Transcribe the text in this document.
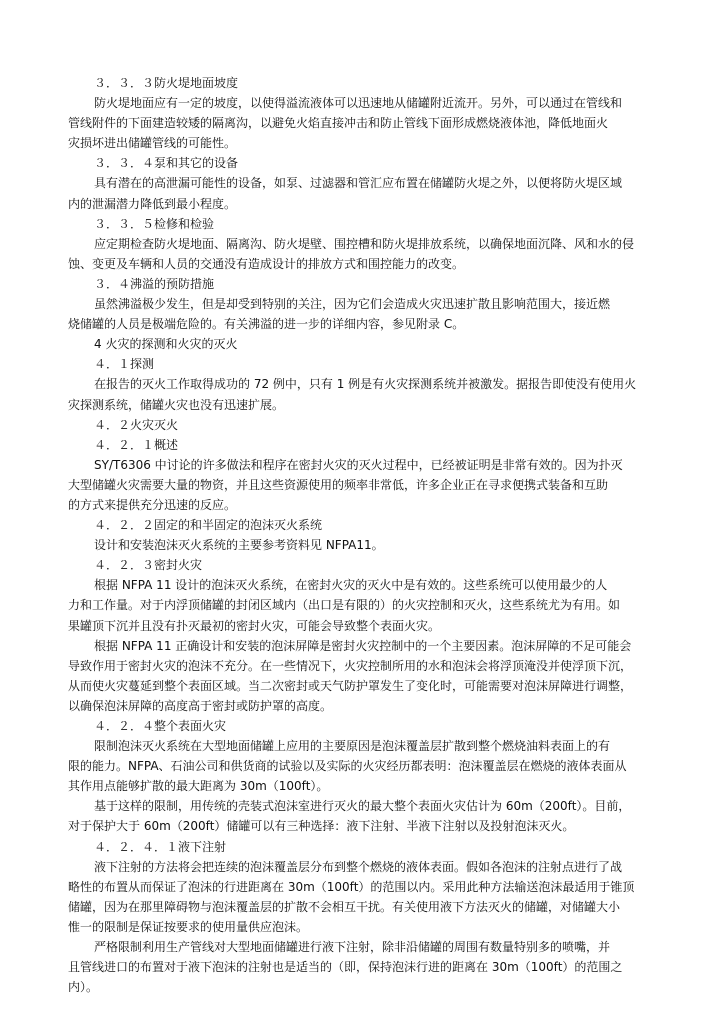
３．３．３防火堤地面坡度
防火堤地面应有一定的坡度，以使得溢流液体可以迅速地从储罐附近流开。另外，可以通过在管线和
管线附件的下面建造较矮的隔离沟，以避免火焰直接冲击和防止管线下面形成燃烧液体池，降低地面火
灾损坏进出储罐管线的可能性。
３．３．４泵和其它的设备
具有潜在的高泄漏可能性的设备，如泵、过滤器和管汇应布置在储罐防火堤之外，以便将防火堤区域
内的泄漏潜力降低到最小程度。
３．３．５检修和检验
应定期检查防火堤地面、隔离沟、防火堤壁、围控槽和防火堤排放系统，以确保地面沉降、风和水的侵
蚀、变更及车辆和人员的交通没有造成设计的排放方式和围控能力的改变。
３．４沸溢的预防措施
虽然沸溢极少发生，但是却受到特别的关注，因为它们会造成火灾迅速扩散且影响范围大，接近燃
烧储罐的人员是极端危险的。有关沸溢的进一步的详细内容，参见附录 C。
4 火灾的探测和火灾的灭火
４．１探测
在报告的灭火工作取得成功的 72 例中，只有 1 例是有火灾探测系统并被激发。据报告即使没有使用火
灾探测系统，储罐火灾也没有迅速扩展。
４．２火灾灭火
４．２．１概述
SY/T6306 中讨论的许多做法和程序在密封火灾的灭火过程中，已经被证明是非常有效的。因为扑灭
大型储罐火灾需要大量的物资，并且这些资源使用的频率非常低，许多企业正在寻求便携式装备和互助
的方式来提供充分迅速的反应。
４．２．２固定的和半固定的泡沫灭火系统
设计和安装泡沫灭火系统的主要参考资料见 NFPA11。
４．２．３密封火灾
根据 NFPA 11 设计的泡沫灭火系统，在密封火灾的灭火中是有效的。这些系统可以使用最少的人
力和工作量。对于内浮顶储罐的封闭区域内（出口是有限的）的火灾控制和灭火，这些系统尤为有用。如
果罐顶下沉并且没有扑灭最初的密封火灾，可能会导致整个表面火灾。
根据 NFPA 11 正确设计和安装的泡沫屏障是密封火灾控制中的一个主要因素。泡沫屏障的不足可能会
导致作用于密封火灾的泡沫不充分。在一些情况下，火灾控制所用的水和泡沫会将浮顶淹没并使浮顶下沉，
从而使火灾蔓延到整个表面区域。当二次密封或天气防护罩发生了变化时，可能需要对泡沫屏障进行调整，
以确保泡沫屏障的高度高于密封或防护罩的高度。
４．２．４整个表面火灾
限制泡沫灭火系统在大型地面储罐上应用的主要原因是泡沫覆盖层扩散到整个燃烧油料表面上的有
限的能力。NFPA、石油公司和供货商的试验以及实际的火灾经历都表明：泡沫覆盖层在燃烧的液体表面从
其作用点能够扩散的最大距离为 30m（100ft）。
基于这样的限制，用传统的壳装式泡沫室进行灭火的最大整个表面火灾估计为 60m（200ft）。目前，
对于保护大于 60m（200ft）储罐可以有三种选择：液下注射、半液下注射以及投射泡沫灭火。
４．２．４．１液下注射
液下注射的方法将会把连续的泡沫覆盖层分布到整个燃烧的液体表面。假如各泡沫的注射点进行了战
略性的布置从而保证了泡沫的行进距离在 30m（100ft）的范围以内。采用此种方法输送泡沫最适用于锥顶
储罐，因为在那里障碍物与泡沫覆盖层的扩散不会相互干扰。有关使用液下方法灭火的储罐，对储罐大小
惟一的限制是保证按要求的使用量供应泡沫。
严格限制利用生产管线对大型地面储罐进行液下注射，除非沿储罐的周围有数量特别多的喷嘴，并
且管线进口的布置对于液下泡沫的注射也是适当的（即，保持泡沫行进的距离在 30m（100ft）的范围之
内）。
